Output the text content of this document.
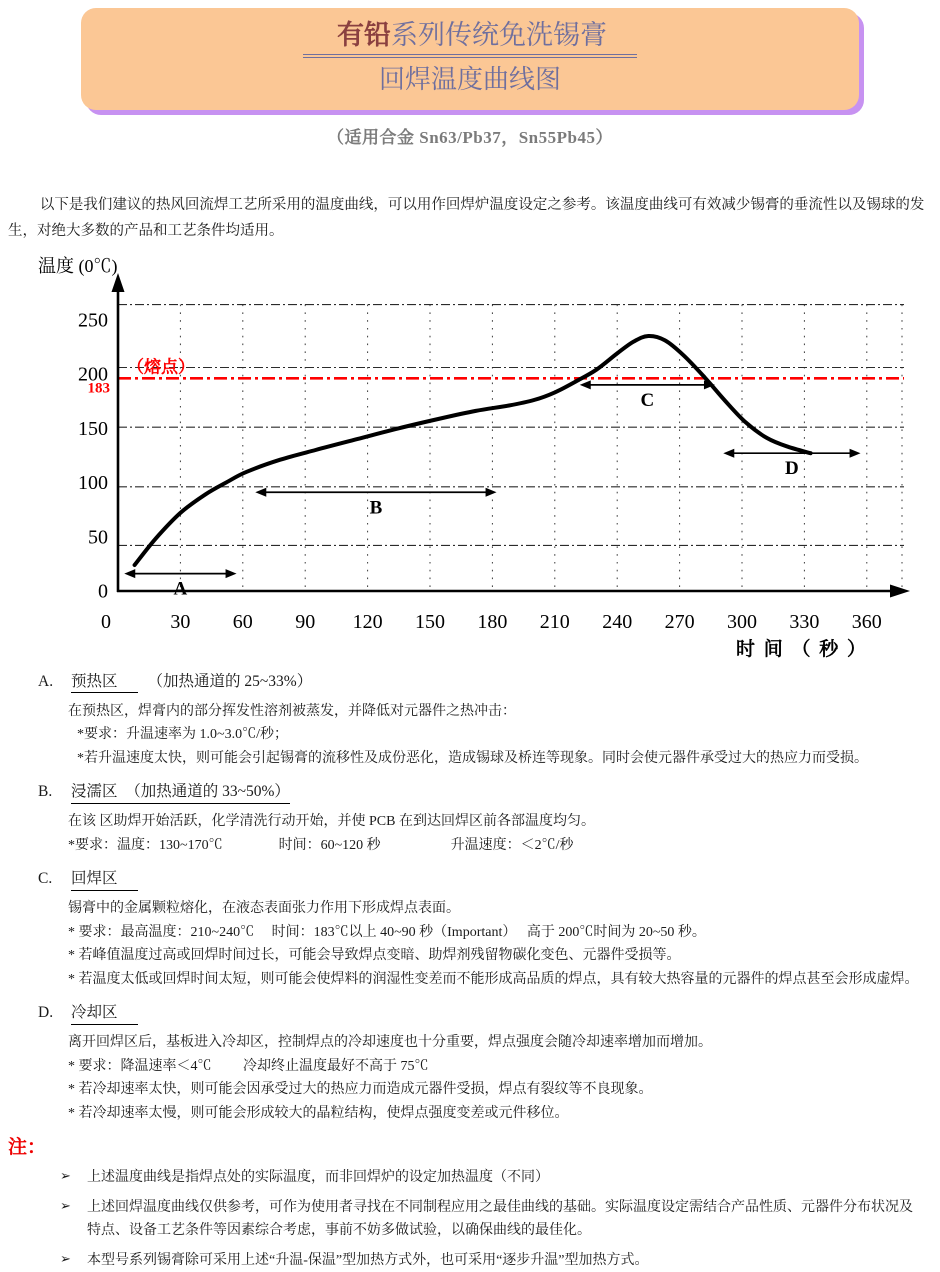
有铅系列传统免洗锡膏
回焊温度曲线图
（适用合金 Sn63/Pb37，Sn55Pb45）

以下是我们建议的热风回流焊工艺所采用的温度曲线，可以用作回焊炉温度设定之参考。该温度曲线可有效减少锡膏的垂流性以及锡球的发生，对绝大多数的产品和工艺条件均适用。

（熔点）
183
250
200
150
100
50
0
0	30 60 90 120 150 180 210 240 270 300 330 360
温度 (0℃)
时 间 （ 秒 ）
A
B
C
D
A. 预热区 （加热通道的 25~33%）
在预热区，焊膏内的部分挥发性溶剂被蒸发，并降低对元器件之热冲击：
*要求：升温速率为 1.0~3.0℃/秒；
*若升温速度太快，则可能会引起锡膏的流移性及成份恶化，造成锡球及桥连等现象。同时会使元器件承受过大的热应力而受损。
B. 浸濡区　（加热通道的 33~50%）
在该 区助焊开始活跃，化学清洗行动开始，并使 PCB 在到达回焊区前各部温度均匀。
*要求：温度：130~170℃　　　　时间：60~120 秒　　　　　升温速度：＜2℃/秒
C. 回焊区
锡膏中的金属颗粒熔化，在液态表面张力作用下形成焊点表面。
* 要求：最高温度：210~240℃　 时间：183℃以上 40~90 秒（Important）　 高于 200℃时间为 20~50 秒。
* 若峰值温度过高或回焊时间过长，可能会导致焊点变暗、助焊剂残留物碳化变色、元器件受损等。
* 若温度太低或回焊时间太短，则可能会使焊料的润湿性变差而不能形成高品质的焊点，具有较大热容量的元器件的焊点甚至会形成虚焊。
D. 冷却区
离开回焊区后，基板进入冷却区，控制焊点的冷却速度也十分重要，焊点强度会随冷却速率增加而增加。
* 要求：降温速率＜4℃　　 冷却终止温度最好不高于 75℃
* 若冷却速率太快，则可能会因承受过大的热应力而造成元器件受损，焊点有裂纹等不良现象。
* 若冷却速率太慢，则可能会形成较大的晶粒结构，使焊点强度变差或元件移位。
注：
➢	上述温度曲线是指焊点处的实际温度，而非回焊炉的设定加热温度（不同）
➢	上述回焊温度曲线仅供参考，可作为使用者寻找在不同制程应用之最佳曲线的基础。实际温度设定需结合产品性质、元器件分布状况及特点、设备工艺条件等因素综合考虑，事前不妨多做试验，以确保曲线的最佳化。
➢	本型号系列锡膏除可采用上述“升温-保温”型加热方式外，也可采用“逐步升温”型加热方式。
